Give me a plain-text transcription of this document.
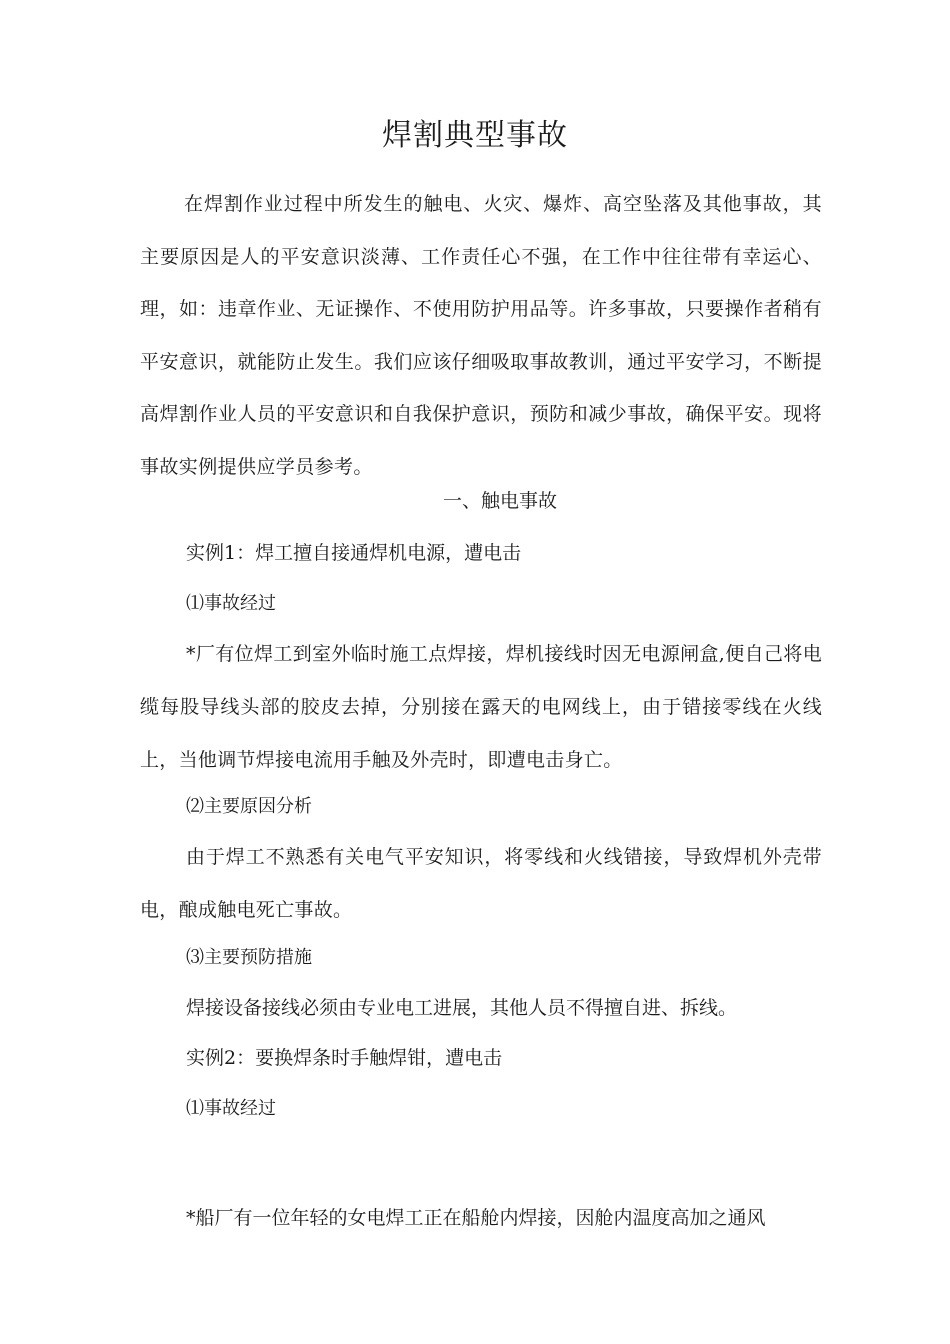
焊割典型事故

在焊割作业过程中所发生的触电、火灾、爆炸、高空坠落及其他事故，其主要原因是人的平安意识淡薄、工作责任心不强，在工作中往往带有幸运心、理，如：违章作业、无证操作、不使用防护用品等。许多事故，只要操作者稍有平安意识，就能防止发生。我们应该仔细吸取事故教训，通过平安学习，不断提高焊割作业人员的平安意识和自我保护意识，预防和减少事故，确保平安。现将事故实例提供应学员参考。

一、触电事故

实例1：焊工擅自接通焊机电源，遭电击

⑴事故经过

*厂有位焊工到室外临时施工点焊接，焊机接线时因无电源闸盒,便自己将电缆每股导线头部的胶皮去掉，分别接在露天的电网线上，由于错接零线在火线上，当他调节焊接电流用手触及外壳时，即遭电击身亡。

⑵主要原因分析

由于焊工不熟悉有关电气平安知识，将零线和火线错接，导致焊机外壳带电，酿成触电死亡事故。

⑶主要预防措施

焊接设备接线必须由专业电工进展，其他人员不得擅自进、拆线。

实例2：要换焊条时手触焊钳，遭电击

⑴事故经过

*船厂有一位年轻的女电焊工正在船舱内焊接，因舱内温度高加之通风
